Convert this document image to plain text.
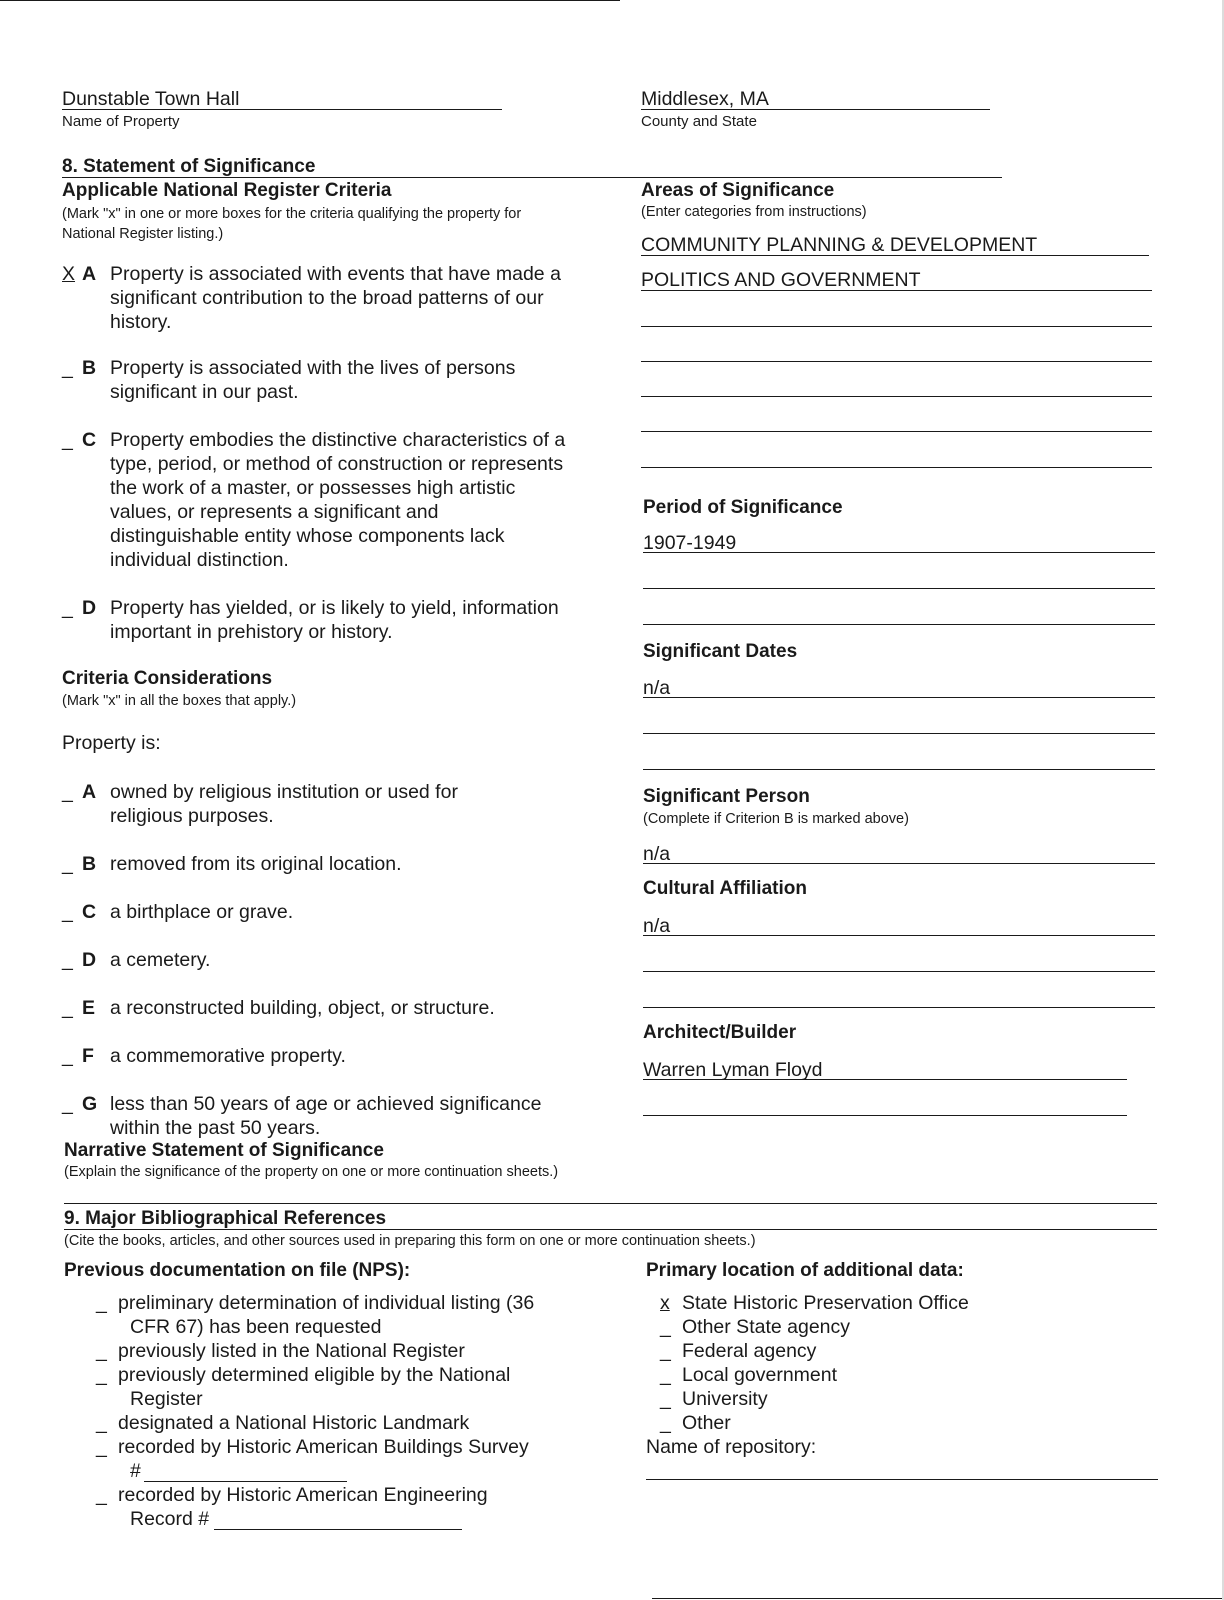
Dunstable Town Hall
Name of Property
Middlesex, MA
County and State
8. Statement of Significance
Applicable National Register Criteria
(Mark "x" in one or more boxes for the criteria qualifying the property for National Register listing.)
X A Property is associated with events that have made a significant contribution to the broad patterns of our history.
_ B Property is associated with the lives of persons significant in our past.
_ C Property embodies the distinctive characteristics of a type, period, or method of construction or represents the work of a master, or possesses high artistic values, or represents a significant and distinguishable entity whose components lack individual distinction.
_ D Property has yielded, or is likely to yield, information important in prehistory or history.
Criteria Considerations
(Mark "x" in all the boxes that apply.)
Property is:
_ A owned by religious institution or used for religious purposes.
_ B removed from its original location.
_ C a birthplace or grave.
_ D a cemetery.
_ E a reconstructed building, object, or structure.
_ F a commemorative property.
_ G less than 50 years of age or achieved significance within the past 50 years.
Narrative Statement of Significance
(Explain the significance of the property on one or more continuation sheets.)
Areas of Significance
(Enter categories from instructions)
COMMUNITY PLANNING & DEVELOPMENT
POLITICS AND GOVERNMENT
Period of Significance
1907-1949
Significant Dates
n/a
Significant Person
(Complete if Criterion B is marked above)
n/a
Cultural Affiliation
n/a
Architect/Builder
Warren Lyman Floyd
9. Major Bibliographical References
(Cite the books, articles, and other sources used in preparing this form on one or more continuation sheets.)
Previous documentation on file (NPS):
_ preliminary determination of individual listing (36
CFR 67) has been requested
_ previously listed in the National Register
_ previously determined eligible by the National
Register
_ designated a National Historic Landmark
_ recorded by Historic American Buildings Survey
#
_ recorded by Historic American Engineering
Record #
Primary location of additional data:
x State Historic Preservation Office
_ Other State agency
_ Federal agency
_ Local government
_ University
_ Other
Name of repository:
